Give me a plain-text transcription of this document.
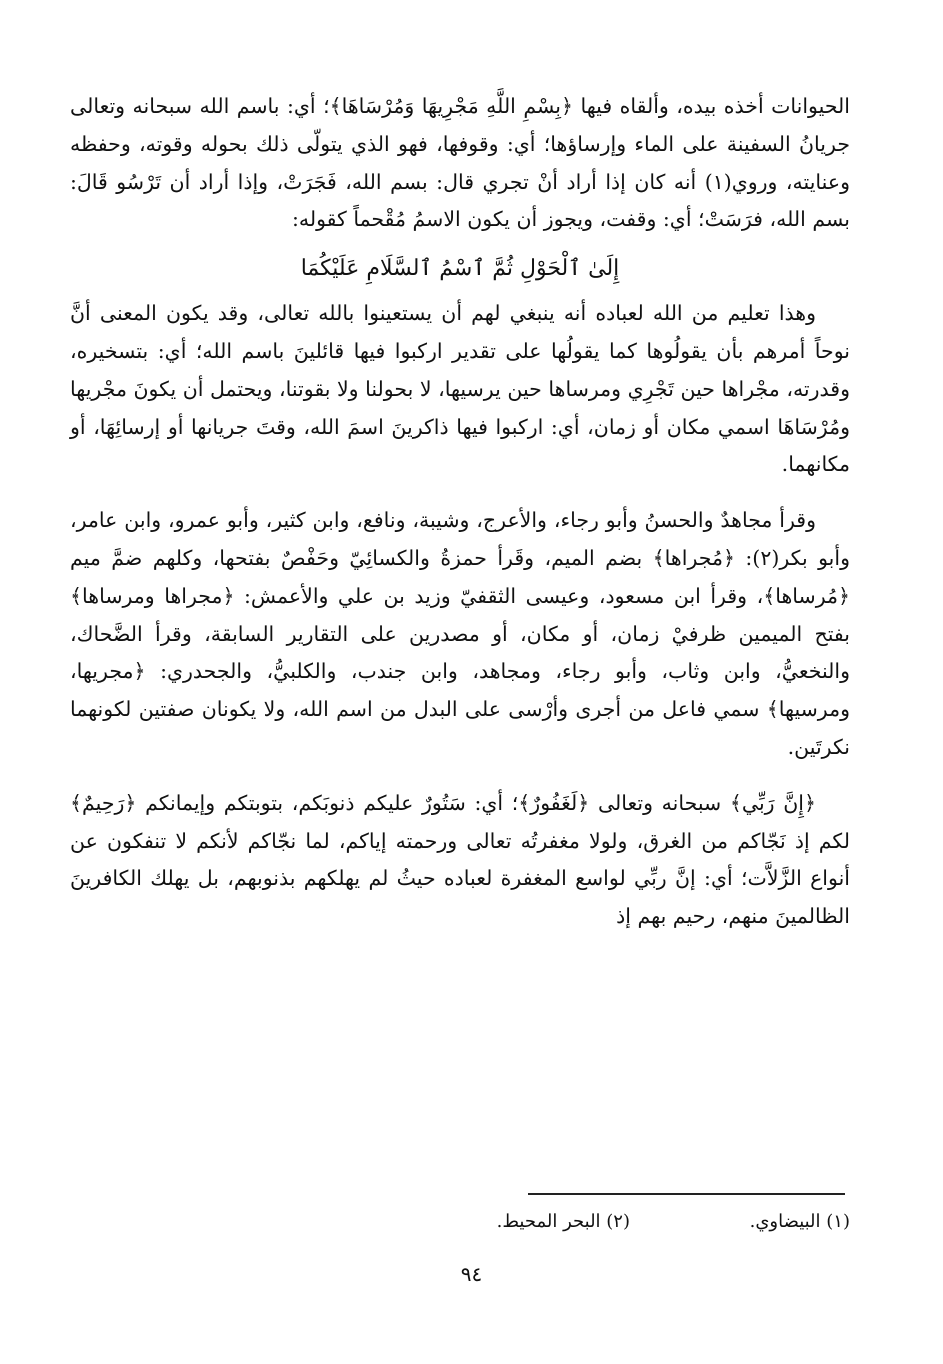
الحيوانات أخذه بيده، وألقاه فيها ﴿بِسْمِ اللَّهِ مَجْرِيهَا وَمُرْسَاهَا﴾؛ أي: باسم الله سبحانه وتعالى جريانُ السفينة على الماء وإرساؤها؛ أي: وقوفها، فهو الذي يتولّى ذلك بحوله وقوته، وحفظه وعنايته، وروي(١) أنه كان إذا أراد أنْ تجري قال: بسم الله، فَجَرَتْ، وإذا أراد أن تَرْسُو قَالَ: بسم الله، فرَسَتْ؛ أي: وقفت، ويجوز أن يكون الاسمُ مُقْحماً كقوله:

إِلَىٰ ٱلْحَوْلِ ثُمَّ ٱسْمُ ٱلسَّلَامِ عَلَيْكُمَا

وهذا تعليم من الله لعباده أنه ينبغي لهم أن يستعينوا بالله تعالى، وقد يكون المعنى أنَّ نوحاً أمرهم بأن يقولُوها كما يقولُها على تقدير اركبوا فيها قائلينَ باسم الله؛ أي: بتسخيره، وقدرته، مجْراها حين تَجْرِي ومرساها حين يرسيها، لا بحولنا ولا بقوتنا، ويحتمل أن يكونَ مجْريها ومُرْسَاهَا اسمي مكان أو زمان، أي: اركبوا فيها ذاكرينَ اسمَ الله، وقتَ جريانها أو إرسائِهَا، أو مكانهما.

وقرأ مجاهدٌ والحسنُ وأبو رجاء، والأعرج، وشيبة، ونافع، وابن كثير، وأبو عمرو، وابن عامر، وأبو بكر(٢): ﴿مُجراها﴾ بضم الميم، وقَرأ حمزةُ والكسائِيّ وحَفْصٌ بفتحها، وكلهم ضمَّ ميم ﴿مُرساها﴾، وقرأ ابن مسعود، وعيسى الثقفيّ وزيد بن علي والأعمش: ﴿مجراها ومرساها﴾ بفتح الميمين ظرفيْ زمان، أو مكان، أو مصدرين على التقارير السابقة، وقرأ الضَّحاك، والنخعيُّ، وابن وثاب، وأبو رجاء، ومجاهد، وابن جندب، والكلبيُّ، والجحدري: ﴿مجريها، ومرسيها﴾ سمي فاعل من أجرى وأرْسى على البدل من اسم الله، ولا يكونان صفتين لكونهما نكرتَين.

﴿إِنَّ رَبِّي﴾ سبحانه وتعالى ﴿لَغَفُورٌ﴾؛ أي: سَتُورٌ عليكم ذنوبَكم، بتوبتكم وإيمانكم ﴿رَحِيمٌ﴾ لكم إذ نَجّاكم من الغرق، ولولا مغفرتُه تعالى ورحمته إياكم، لما نجّاكم لأنكم لا تنفكون عن أنواع الزَّلاَّت؛ أي: إنَّ ربِّي لواسع المغفرة لعباده حيثُ لم يهلكهم بذنوبهم، بل يهلك الكافرينَ الظالمينَ منهم، رحيم بهم إذ

(١) البيضاوي.
(٢) البحر المحيط.
٩٤
